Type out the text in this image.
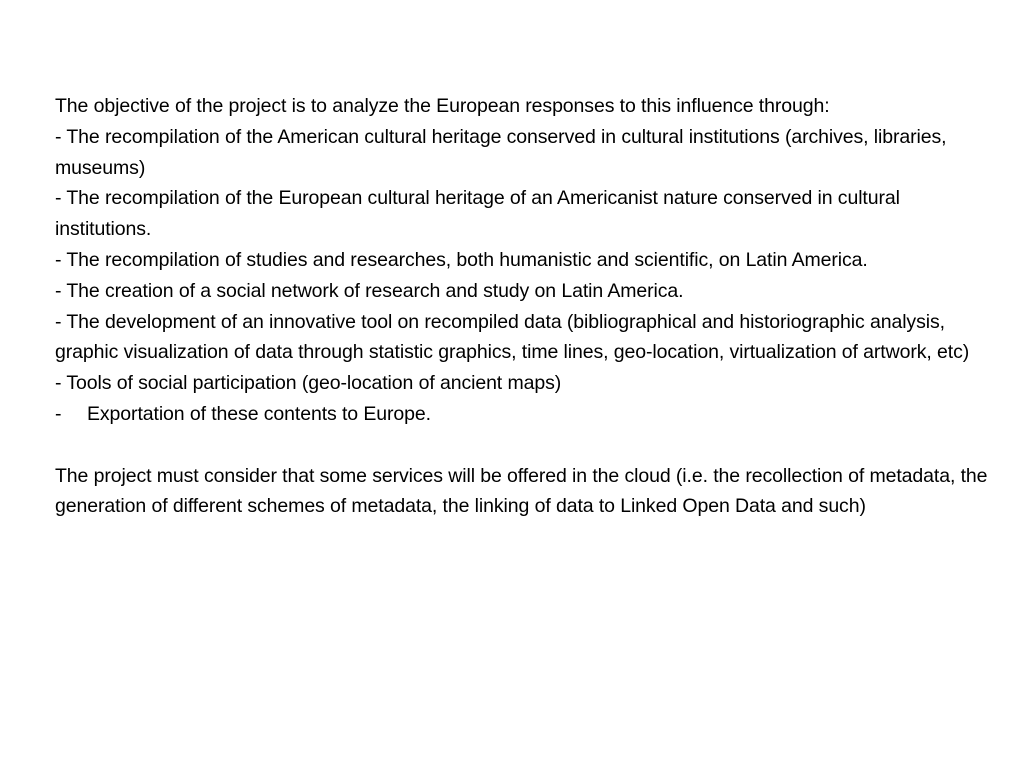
The objective of the project is to analyze the European responses to this influence through:

- The recompilation of the American cultural heritage conserved in cultural institutions (archives, libraries, museums)

- The recompilation of the European cultural heritage of an Americanist nature conserved in cultural institutions.

- The recompilation of studies and researches, both humanistic and scientific, on Latin America.

- The creation of a social network of research and study on Latin America.

- The development of an innovative tool on recompiled data (bibliographical and historiographic analysis, graphic visualization of data through statistic graphics, time lines, geo-location, virtualization of artwork, etc)

- Tools of social participation (geo-location of ancient maps)

-	Exportation of these contents to Europe.

The project must consider that some services will be offered in the cloud (i.e. the recollection of metadata, the generation of different schemes of metadata, the linking of data to Linked Open Data and such)
